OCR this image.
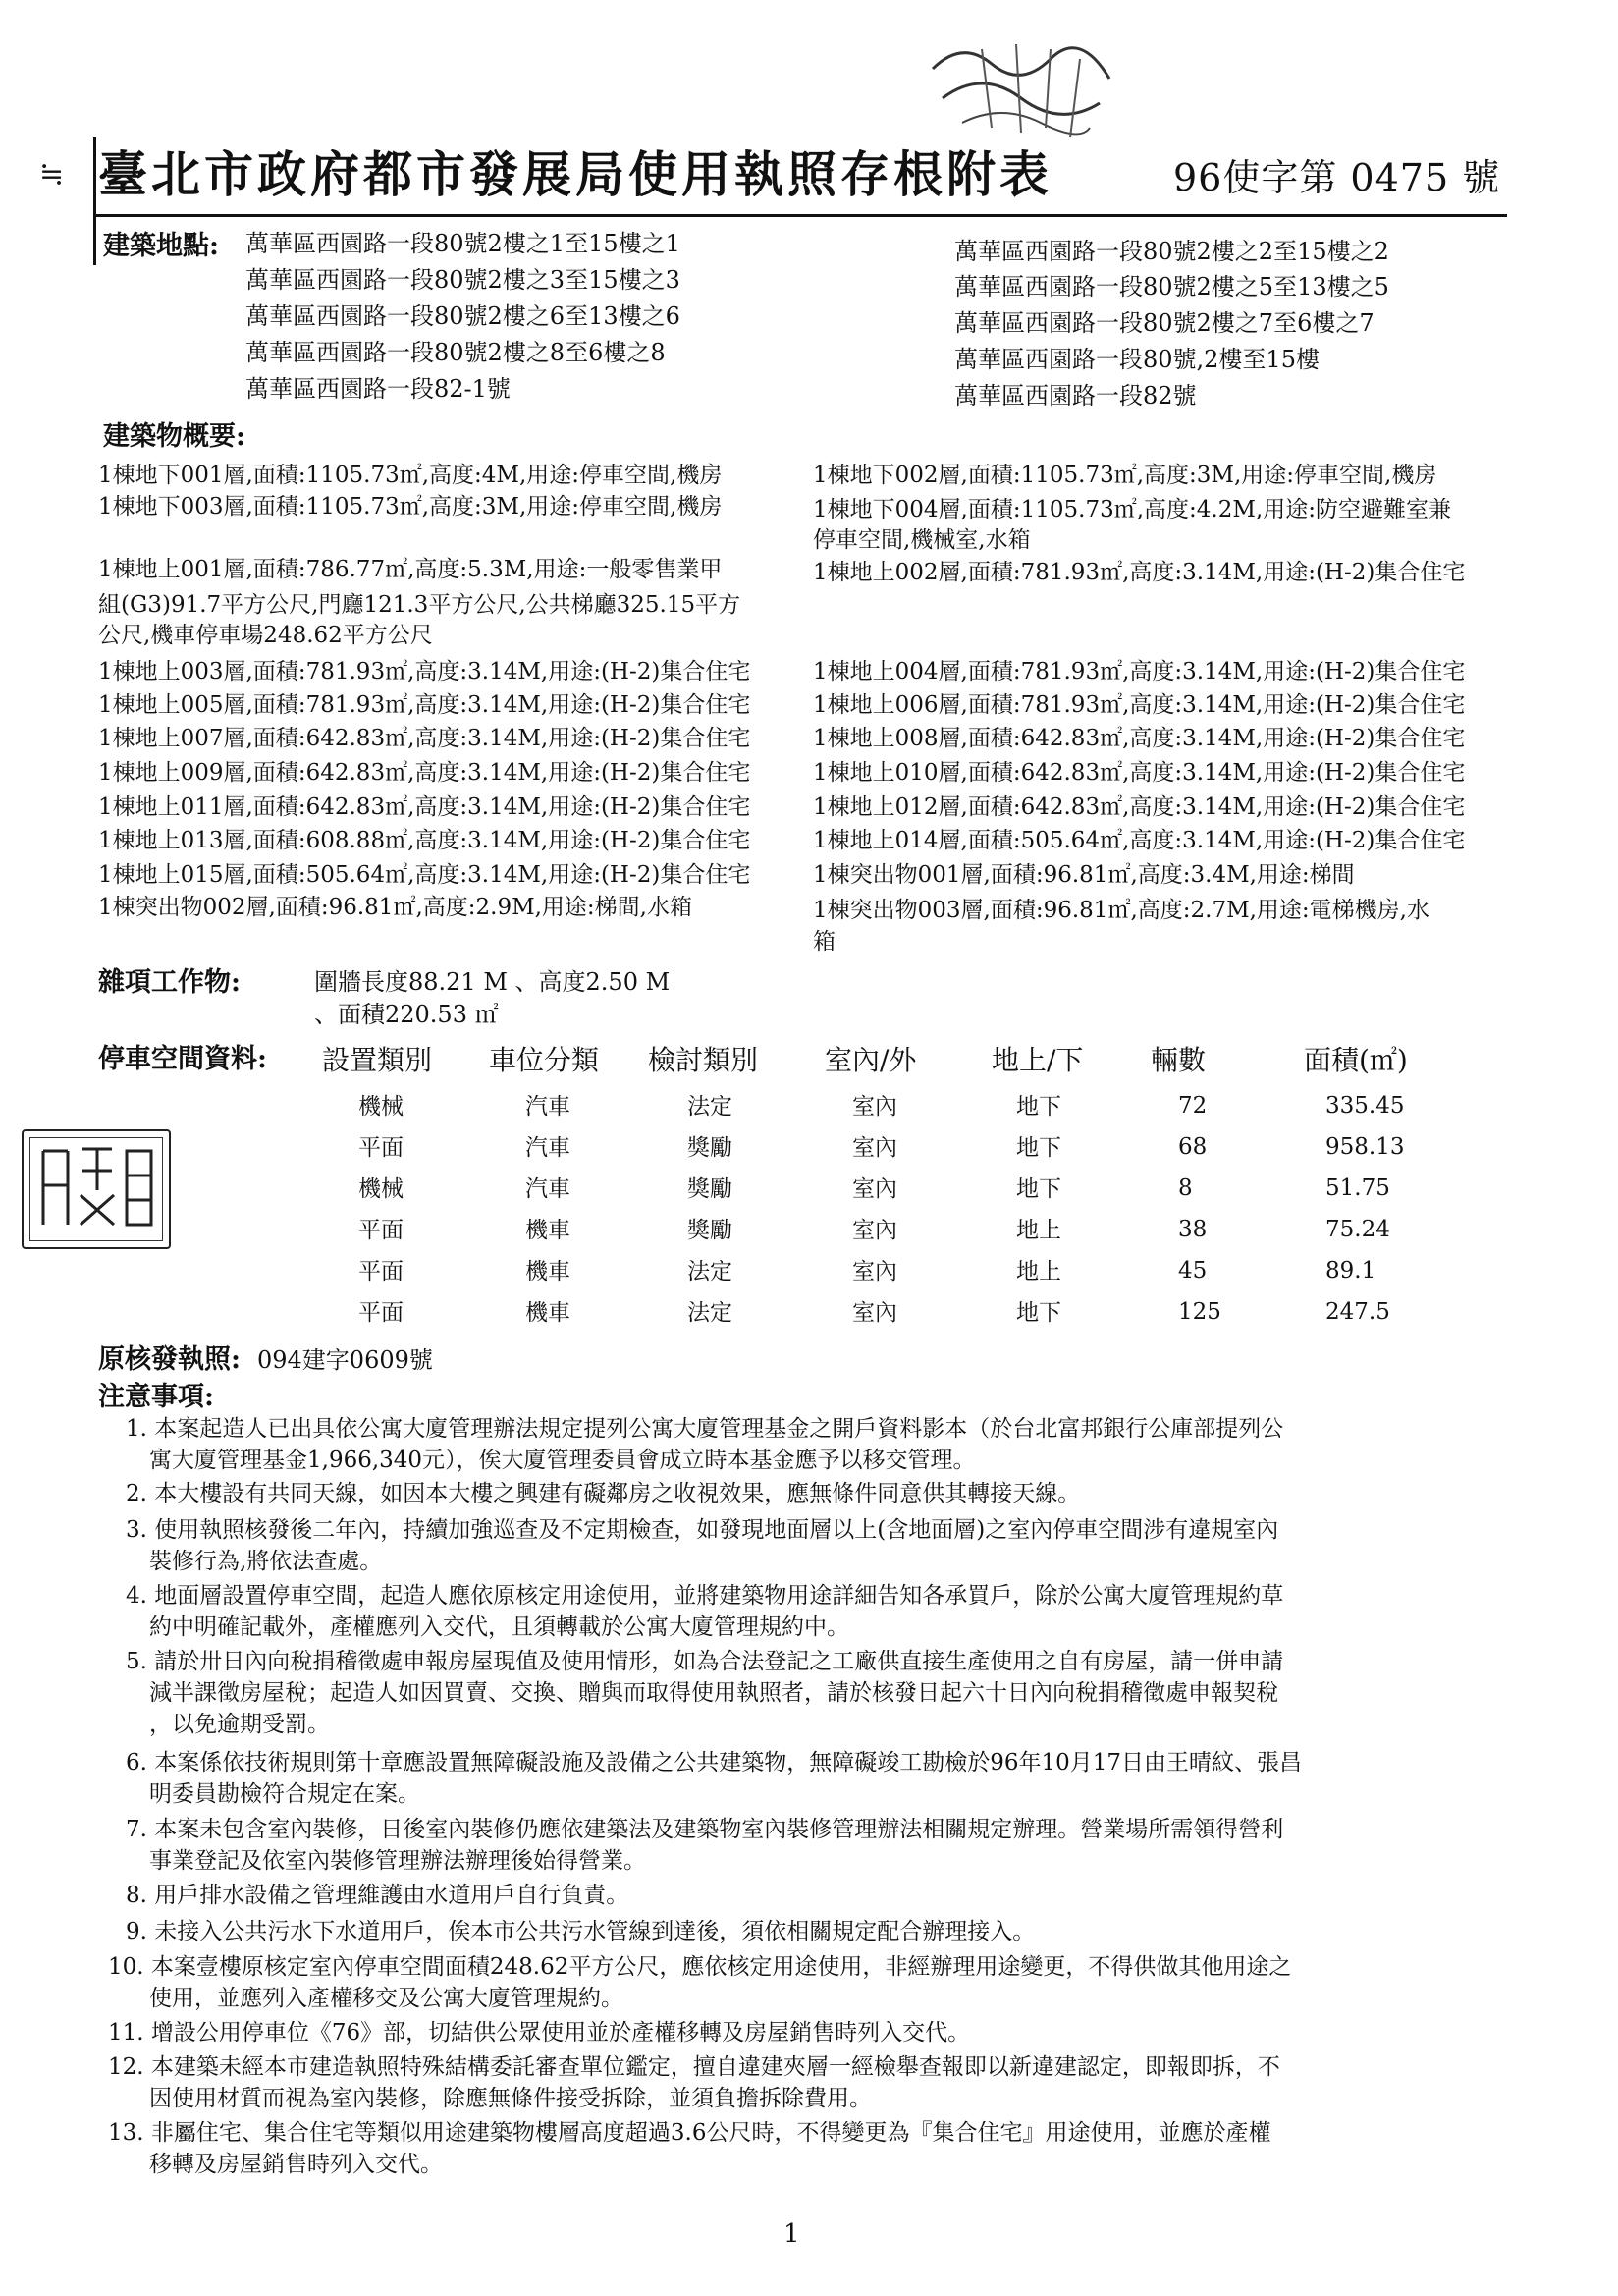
≒ 臺北市政府都市發展局使用執照存根附表	96使字第 0475 號
建築地點: 萬華區西園路一段80號2樓之1至15樓之1
萬華區西園路一段80號2樓之3至15樓之3
萬華區西園路一段80號2樓之6至13樓之6
萬華區西園路一段80號2樓之8至6樓之8
萬華區西園路一段82-1號
萬華區西園路一段80號2樓之2至15樓之2
萬華區西園路一段80號2樓之5至13樓之5
萬華區西園路一段80號2樓之7至6樓之7
萬華區西園路一段80號,2樓至15樓
萬華區西園路一段82號
建築物概要:
1棟地下001層,面積:1105.73㎡,高度:4M,用途:停車空間,機房
1棟地下003層,面積:1105.73㎡,高度:3M,用途:停車空間,機房
1棟地上001層,面積:786.77㎡,高度:5.3M,用途:一般零售業甲
組(G3)91.7平方公尺,門廳121.3平方公尺,公共梯廳325.15平方
公尺,機車停車場248.62平方公尺
1棟地上003層,面積:781.93㎡,高度:3.14M,用途:(H-2)集合住宅
1棟地上005層,面積:781.93㎡,高度:3.14M,用途:(H-2)集合住宅
1棟地上007層,面積:642.83㎡,高度:3.14M,用途:(H-2)集合住宅
1棟地上009層,面積:642.83㎡,高度:3.14M,用途:(H-2)集合住宅
1棟地上011層,面積:642.83㎡,高度:3.14M,用途:(H-2)集合住宅
1棟地上013層,面積:608.88㎡,高度:3.14M,用途:(H-2)集合住宅
1棟地上015層,面積:505.64㎡,高度:3.14M,用途:(H-2)集合住宅
1棟突出物002層,面積:96.81㎡,高度:2.9M,用途:梯間,水箱
1棟地下002層,面積:1105.73㎡,高度:3M,用途:停車空間,機房
1棟地下004層,面積:1105.73㎡,高度:4.2M,用途:防空避難室兼
停車空間,機械室,水箱
1棟地上002層,面積:781.93㎡,高度:3.14M,用途:(H-2)集合住宅
1棟地上004層,面積:781.93㎡,高度:3.14M,用途:(H-2)集合住宅
1棟地上006層,面積:781.93㎡,高度:3.14M,用途:(H-2)集合住宅
1棟地上008層,面積:642.83㎡,高度:3.14M,用途:(H-2)集合住宅
1棟地上010層,面積:642.83㎡,高度:3.14M,用途:(H-2)集合住宅
1棟地上012層,面積:642.83㎡,高度:3.14M,用途:(H-2)集合住宅
1棟地上014層,面積:505.64㎡,高度:3.14M,用途:(H-2)集合住宅
1棟突出物001層,面積:96.81㎡,高度:3.4M,用途:梯間
1棟突出物003層,面積:96.81㎡,高度:2.7M,用途:電梯機房,水
箱
雜項工作物:	圍牆長度88.21 M 、高度2.50 M
、面積220.53 ㎡
停車空間資料: 設置類別 車位分類 檢討類別 室內/外	地上/下 輛數	面積(㎡)
機械	汽車	法定	室內	地下	72	335.45
平面	汽車	獎勵	室內	地下	68	958.13
機械	汽車	獎勵	室內	地下	8	51.75
平面	機車	獎勵	室內	地上	38	75.24
平面	機車	法定	室內	地上	45	89.1
平面	機車	法定	室內	地下	125	247.5
原核發執照: 094建字0609號
注意事項:
1. 本案起造人已出具依公寓大廈管理辦法規定提列公寓大廈管理基金之開戶資料影本（於台北富邦銀行公庫部提列公
寓大廈管理基金1,966,340元），俟大廈管理委員會成立時本基金應予以移交管理。
2. 本大樓設有共同天線，如因本大樓之興建有礙鄰房之收視效果，應無條件同意供其轉接天線。
3. 使用執照核發後二年內，持續加強巡查及不定期檢查，如發現地面層以上(含地面層)之室內停車空間涉有違規室內
裝修行為,將依法查處。
4. 地面層設置停車空間，起造人應依原核定用途使用，並將建築物用途詳細告知各承買戶，除於公寓大廈管理規約草
約中明確記載外，產權應列入交代，且須轉載於公寓大廈管理規約中。
5. 請於卅日內向稅捐稽徵處申報房屋現值及使用情形，如為合法登記之工廠供直接生產使用之自有房屋，請一併申請
減半課徵房屋稅；起造人如因買賣、交換、贈與而取得使用執照者，請於核發日起六十日內向稅捐稽徵處申報契稅
，以免逾期受罰。
6. 本案係依技術規則第十章應設置無障礙設施及設備之公共建築物，無障礙竣工勘檢於96年10月17日由王晴紋、張昌
明委員勘檢符合規定在案。
7. 本案未包含室內裝修，日後室內裝修仍應依建築法及建築物室內裝修管理辦法相關規定辦理。營業場所需領得營利
事業登記及依室內裝修管理辦法辦理後始得營業。
8. 用戶排水設備之管理維護由水道用戶自行負責。
9. 未接入公共污水下水道用戶，俟本市公共污水管線到達後，須依相關規定配合辦理接入。
10. 本案壹樓原核定室內停車空間面積248.62平方公尺，應依核定用途使用，非經辦理用途變更，不得供做其他用途之
使用，並應列入產權移交及公寓大廈管理規約。
11. 增設公用停車位《76》部，切結供公眾使用並於產權移轉及房屋銷售時列入交代。
12. 本建築未經本市建造執照特殊結構委託審查單位鑑定，擅自違建夾層一經檢舉查報即以新違建認定，即報即拆，不
因使用材質而視為室內裝修，除應無條件接受拆除，並須負擔拆除費用。
13. 非屬住宅、集合住宅等類似用途建築物樓層高度超過3.6公尺時，不得變更為『集合住宅』用途使用，並應於產權
移轉及房屋銷售時列入交代。
1
